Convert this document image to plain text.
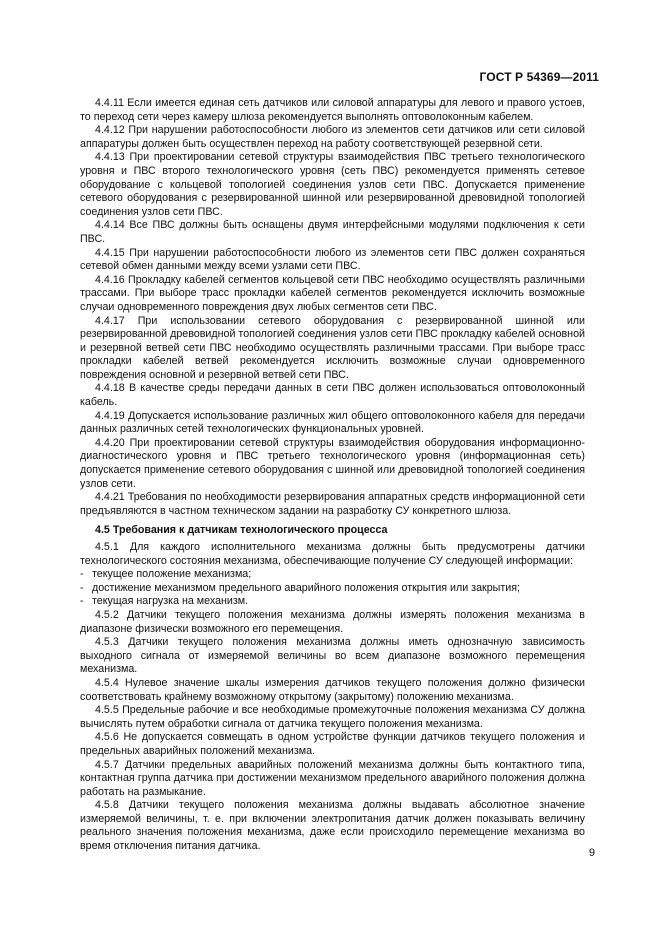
ГОСТ Р 54369—2011

4.4.11 Если имеется единая сеть датчиков или силовой аппаратуры для левого и правого устоев, то переход сети через камеру шлюза рекомендуется выполнять оптоволоконным кабелем.

4.4.12 При нарушении работоспособности любого из элементов сети датчиков или сети силовой аппаратуры должен быть осуществлен переход на работу соответствующей резервной сети.

4.4.13 При проектировании сетевой структуры взаимодействия ПВС третьего технологического уровня и ПВС второго технологического уровня (сеть ПВС) рекомендуется применять сетевое оборудование с кольцевой топологией соединения узлов сети ПВС. Допускается применение сетевого оборудования с резервированной шинной или резервированной древовидной топологией соединения узлов сети ПВС.

4.4.14 Все ПВС должны быть оснащены двумя интерфейсными модулями подключения к сети ПВС.

4.4.15 При нарушении работоспособности любого из элементов сети ПВС должен сохраняться сетевой обмен данными между всеми узлами сети ПВС.

4.4.16 Прокладку кабелей сегментов кольцевой сети ПВС необходимо осуществлять различными трассами. При выборе трасс прокладки кабелей сегментов рекомендуется исключить возможные случаи одновременного повреждения двух любых сегментов сети ПВС.

4.4.17 При использовании сетевого оборудования с резервированной шинной или резервированной древовидной топологией соединения узлов сети ПВС прокладку кабелей основной и резервной ветвей сети ПВС необходимо осуществлять различными трассами. При выборе трасс прокладки кабелей ветвей рекомендуется исключить возможные случаи одновременного повреждения основной и резервной ветвей сети ПВС.

4.4.18 В качестве среды передачи данных в сети ПВС должен использоваться оптоволоконный кабель.

4.4.19 Допускается использование различных жил общего оптоволоконного кабеля для передачи данных различных сетей технологических функциональных уровней.

4.4.20 При проектировании сетевой структуры взаимодействия оборудования информационно-диагностического уровня и ПВС третьего технологического уровня (информационная сеть) допускается применение сетевого оборудования с шинной или древовидной топологией соединения узлов сети.

4.4.21 Требования по необходимости резервирования аппаратных средств информационной сети предъявляются в частном техническом задании на разработку СУ конкретного шлюза.

4.5 Требования к датчикам технологического процесса

4.5.1 Для каждого исполнительного механизма должны быть предусмотрены датчики технологического состояния механизма, обеспечивающие получение СУ следующей информации:

- текущее положение механизма;

- достижение механизмом предельного аварийного положения открытия или закрытия;

- текущая нагрузка на механизм.

4.5.2 Датчики текущего положения механизма должны измерять положения механизма в диапазоне физически возможного его перемещения.

4.5.3 Датчики текущего положения механизма должны иметь однозначную зависимость выходного сигнала от измеряемой величины во всем диапазоне возможного перемещения механизма.

4.5.4 Нулевое значение шкалы измерения датчиков текущего положения должно физически соответствовать крайнему возможному открытому (закрытому) положению механизма.

4.5.5 Предельные рабочие и все необходимые промежуточные положения механизма СУ должна вычислять путем обработки сигнала от датчика текущего положения механизма.

4.5.6 Не допускается совмещать в одном устройстве функции датчиков текущего положения и предельных аварийных положений механизма.

4.5.7 Датчики предельных аварийных положений механизма должны быть контактного типа, контактная группа датчика при достижении механизмом предельного аварийного положения должна работать на размыкание.

4.5.8 Датчики текущего положения механизма должны выдавать абсолютное значение измеряемой величины, т. е. при включении электропитания датчик должен показывать величину реального значения положения механизма, даже если происходило перемещение механизма во время отключения питания датчика.

9
